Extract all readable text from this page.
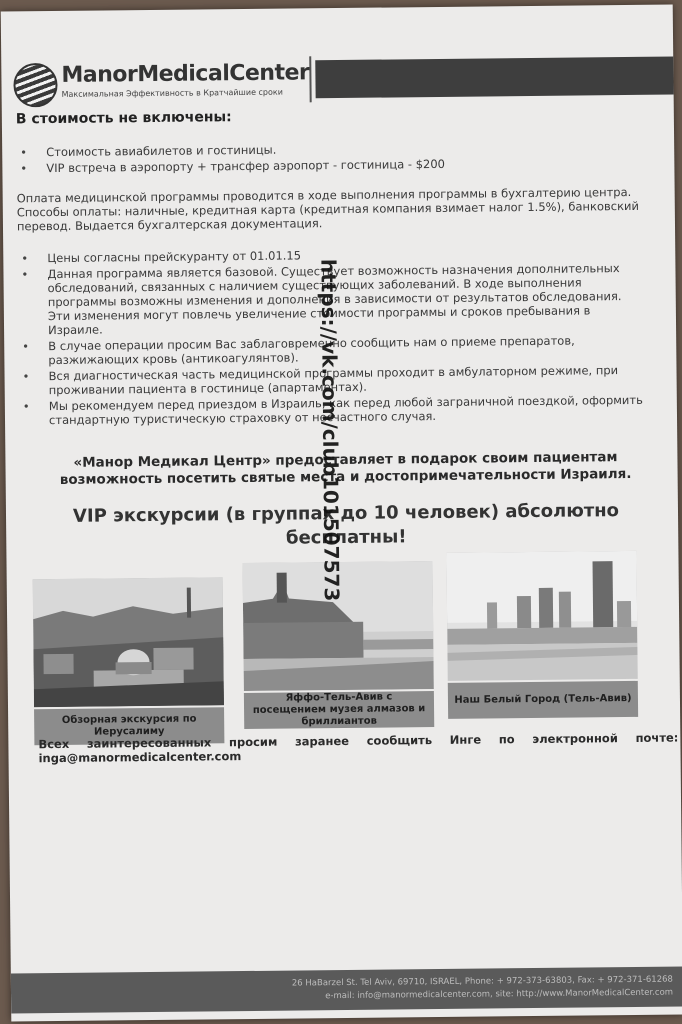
ManorMedicalCenter
Максимальная Эффективность в Кратчайшие сроки
В стоимость не включены:
• Стоимость авиабилетов и гостиницы.
• VIP встреча в аэропорту + трансфер аэропорт - гостиница - $200
Оплата медицинской программы проводится в ходе выполнения программы в бухгалтерию центра. Способы оплаты: наличные, кредитная карта (кредитная компания взимает налог 1.5%), банковский перевод. Выдается бухгалтерская документация.
• Цены согласны прейскуранту от 01.01.15
• Данная программа является базовой. Существует возможность назначения дополнительных обследований, связанных с наличием существующих заболеваний. В ходе выполнения программы возможны изменения и дополнения в зависимости от результатов обследования. Эти изменения могут повлечь увеличение стоимости программы и сроков пребывания в Израиле.
• В случае операции просим Вас заблаговременно сообщить нам о приеме препаратов, разжижающих кровь (антикоагулянтов).
• Вся диагностическая часть медицинской программы проходит в амбулаторном режиме, при проживании пациента в гостинице (апартаментах).
• Мы рекомендуем перед приездом в Израиль, как перед любой заграничной поездкой, оформить стандартную туристическую страховку от несчастного случая.
«Манор Медикал Центр» предоставляет в подарок своим пациентам
возможность посетить святые места и достопримечательности Израиля.
VIP экскурсии (в группах до 10 человек) абсолютно бесплатны!
Обзорная экскурсия по Иерусалиму
Яффо-Тель-Авив с посещением музея алмазов и бриллиантов
Наш Белый Город (Тель-Авив)
Всех заинтересованных просим заранее сообщить Инге по электронной почте:
inga@manormedicalcenter.com
26 HaBarzel St. Tel Aviv, 69710, ISRAEL, Phone: + 972-373-63803, Fax: + 972-371-61268
e-mail: info@manormedicalcenter.com, site: http://www.ManorMedicalCenter.com
https://vk.com/club101507573
